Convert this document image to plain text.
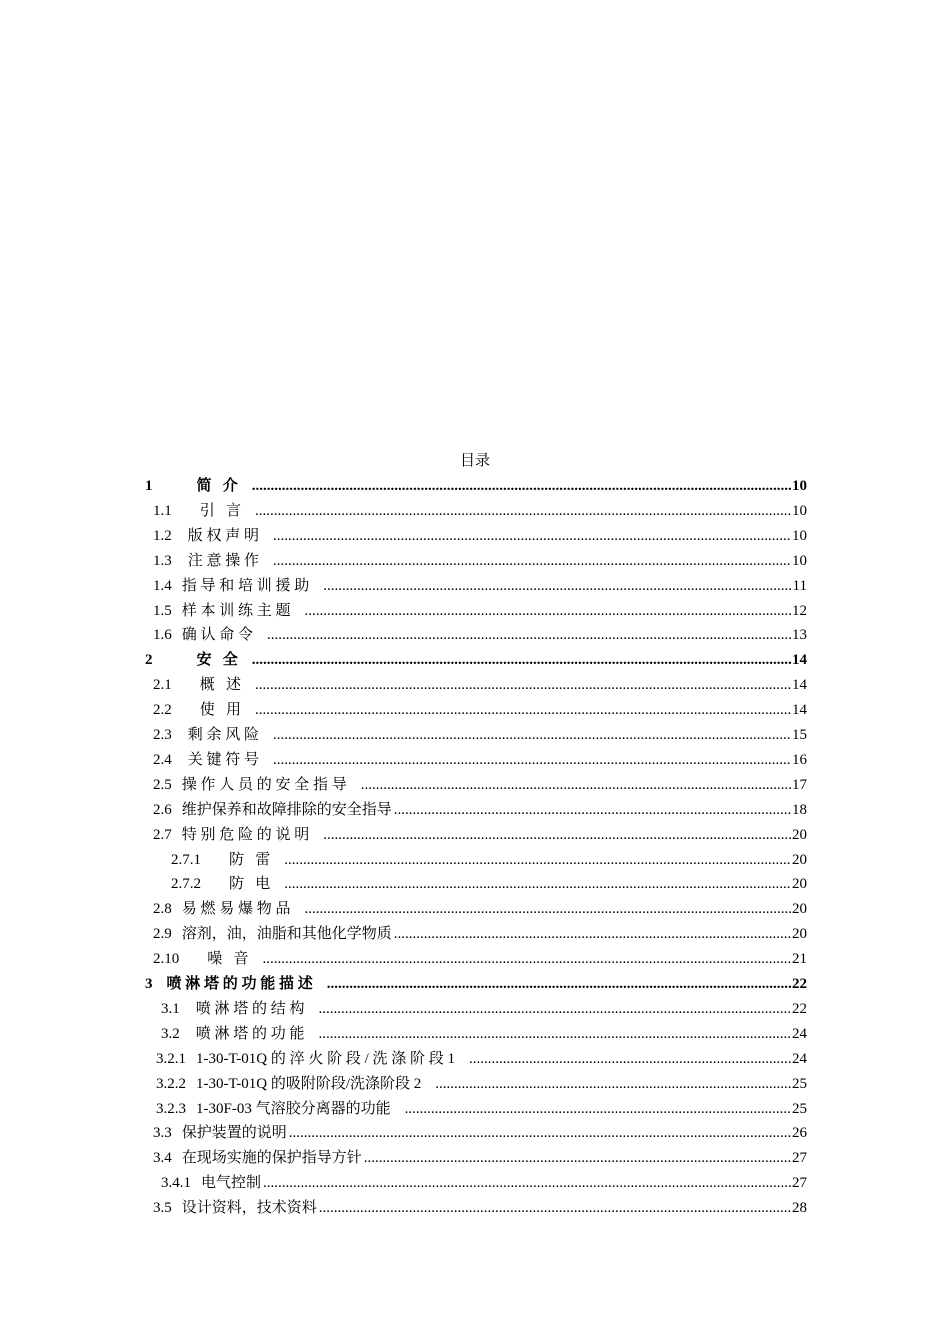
目录
1	简   介 .....	10
1.1 引   言 .....	10
1.2 版 权 声 明 .....	10
1.3 注 意 操 作 .....	10
1.4 指 导 和 培 训 援 助 .....	11
1.5 样 本 训 练 主 题 .....	12
1.6 确 认 命 令 .....	13
2	安   全 .....	14
2.1 概   述 .....	14
2.2 使   用 .....	14
2.3 剩 余 风 险 .....	15
2.4 关 键 符 号 .....	16
2.5 操 作 人 员 的 安 全 指 导 .....	17
2.6 维护保养和故障排除的安全指导 .....	18
2.7 特 别 危 险 的 说 明 .....	20
2.7.1 防   雷 .....	20
2.7.2 防   电 .....	20
2.8 易 燃 易 爆 物 品 .....	20
2.9 溶剂，油，油脂和其他化学物质 .....	20
2.10 噪   音 .....	21
3 喷 淋 塔 的 功 能 描 述 .....	22
3.1 喷 淋 塔 的 结 构 .....	22
3.2 喷 淋 塔 的 功 能 .....	24
3.2.1 1-30-T-01Q 的 淬 火 阶 段 / 洗 涤 阶 段 1 .....	24
3.2.2 1-30-T-01Q 的吸附阶段/洗涤阶段 2 .....	25
3.2.3 1-30F-03 气溶胶分离器的功能 .....	25
3.3 保护装置的说明 .....	26
3.4 在现场实施的保护指导方针 .....	27
3.4.1 电气控制 .....	27
3.5 设计资料，技术资料 .....	28
